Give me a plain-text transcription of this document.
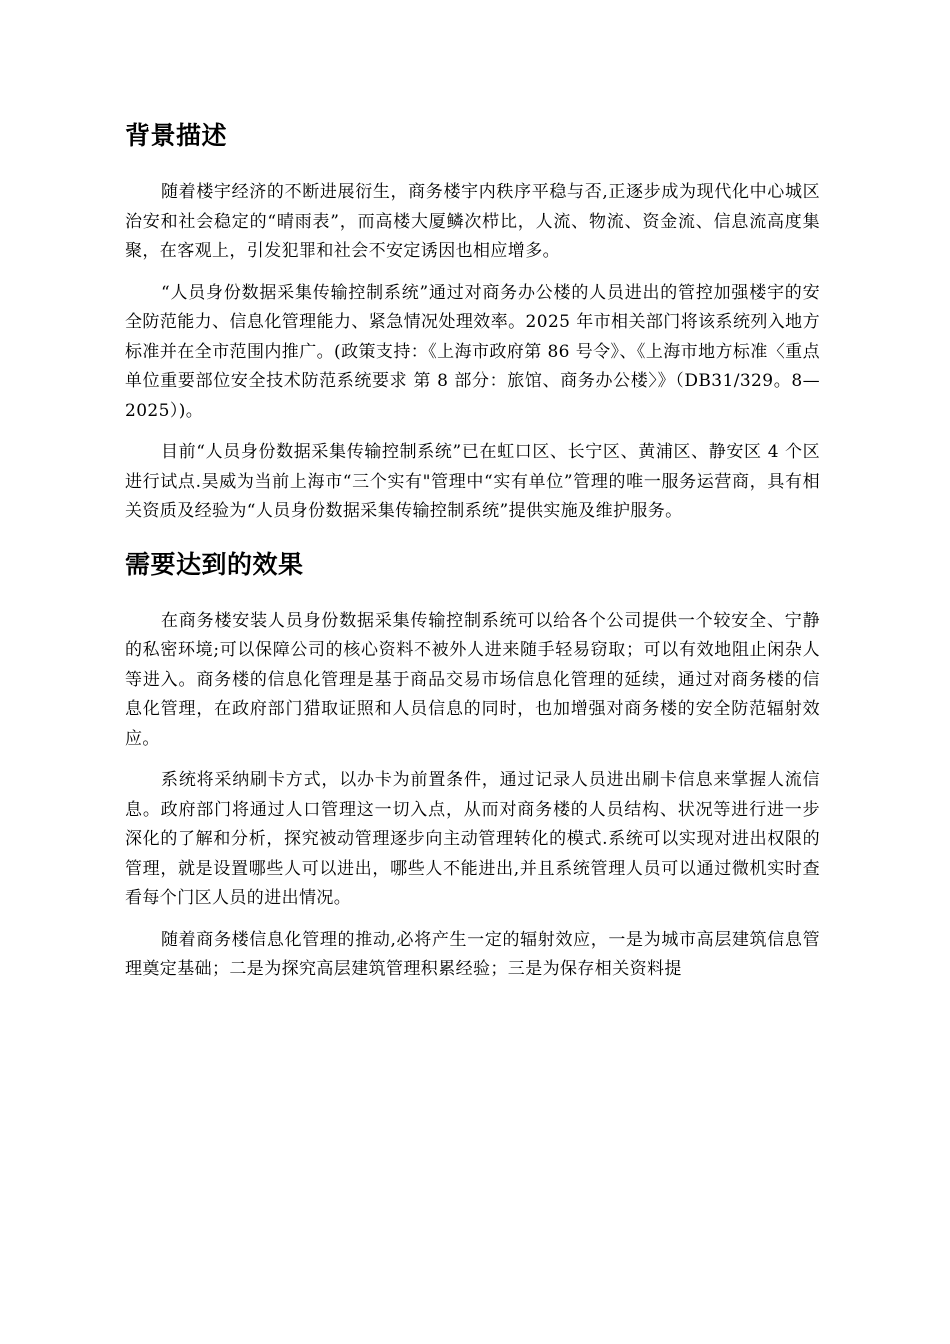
背景描述

随着楼宇经济的不断进展衍生，商务楼宇内秩序平稳与否,正逐步成为现代化中心城区治安和社会稳定的“晴雨表”，而高楼大厦鳞次栉比，人流、物流、资金流、信息流高度集聚，在客观上，引发犯罪和社会不安定诱因也相应增多。

“人员身份数据采集传输控制系统”通过对商务办公楼的人员进出的管控加强楼宇的安全防范能力、信息化管理能力、紧急情况处理效率。2025 年市相关部门将该系统列入地方标准并在全市范围内推广。(政策支持：《上海市政府第 86 号令》、《上海市地方标准〈重点单位重要部位安全技术防范系统要求 第 8 部分：旅馆、商务办公楼〉》（DB31/329。8—2025）)。

目前“人员身份数据采集传输控制系统”已在虹口区、长宁区、黄浦区、静安区 4 个区进行试点.昊威为当前上海市“三个实有"管理中“实有单位”管理的唯一服务运营商，具有相关资质及经验为“人员身份数据采集传输控制系统”提供实施及维护服务。

需要达到的效果

在商务楼安装人员身份数据采集传输控制系统可以给各个公司提供一个较安全、宁静的私密环境;可以保障公司的核心资料不被外人进来随手轻易窃取；可以有效地阻止闲杂人等进入。商务楼的信息化管理是基于商品交易市场信息化管理的延续，通过对商务楼的信息化管理，在政府部门猎取证照和人员信息的同时，也加增强对商务楼的安全防范辐射效应。

系统将采纳刷卡方式，以办卡为前置条件，通过记录人员进出刷卡信息来掌握人流信息。政府部门将通过人口管理这一切入点，从而对商务楼的人员结构、状况等进行进一步深化的了解和分析，探究被动管理逐步向主动管理转化的模式.系统可以实现对进出权限的管理，就是设置哪些人可以进出，哪些人不能进出,并且系统管理人员可以通过微机实时查看每个门区人员的进出情况。

随着商务楼信息化管理的推动,必将产生一定的辐射效应，一是为城市高层建筑信息管理奠定基础；二是为探究高层建筑管理积累经验；三是为保存相关资料提
